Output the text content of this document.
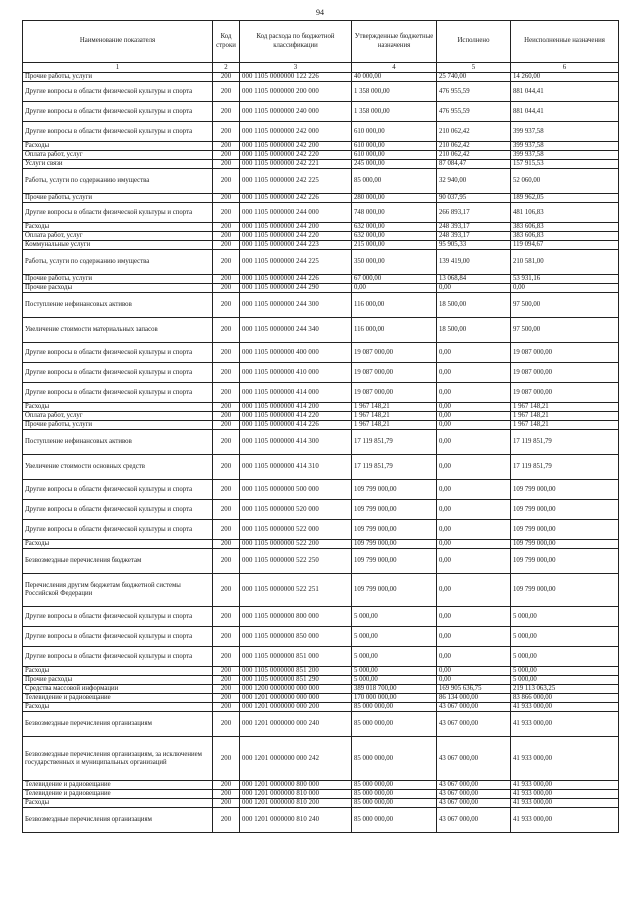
94
Наименование показателя	Код строки	Код расхода по бюджетной классификации	Утвержденные бюджетные назначения	Исполнено	Неисполненные назначения
1	2	3	4	5	6
Прочие работы, услуги	200	000 1105 0000000 122 226	40 000,00	25 740,00	14 260,00
Другие вопросы в области физической культуры и спорта	200	000 1105 0000000 200 000	1 358 000,00	476 955,59	881 044,41
Другие вопросы в области физической культуры и спорта	200	000 1105 0000000 240 000	1 358 000,00	476 955,59	881 044,41
Другие вопросы в области физической культуры и спорта	200	000 1105 0000000 242 000	610 000,00	210 062,42	399 937,58
Расходы	200	000 1105 0000000 242 200	610 000,00	210 062,42	399 937,58
Оплата работ, услуг	200	000 1105 0000000 242 220	610 000,00	210 062,42	399 937,58
Услуги связи	200	000 1105 0000000 242 221	245 000,00	87 084,47	157 915,53
Работы, услуги по содержанию имущества	200	000 1105 0000000 242 225	85 000,00	32 940,00	52 060,00
Прочие работы, услуги	200	000 1105 0000000 242 226	280 000,00	90 037,95	189 962,05
Другие вопросы в области физической культуры и спорта	200	000 1105 0000000 244 000	748 000,00	266 893,17	481 106,83
Расходы	200	000 1105 0000000 244 200	632 000,00	248 393,17	383 606,83
Оплата работ, услуг	200	000 1105 0000000 244 220	632 000,00	248 393,17	383 606,83
Коммунальные услуги	200	000 1105 0000000 244 223	215 000,00	95 905,33	119 094,67
Работы, услуги по содержанию имущества	200	000 1105 0000000 244 225	350 000,00	139 419,00	210 581,00
Прочие работы, услуги	200	000 1105 0000000 244 226	67 000,00	13 068,84	53 931,16
Прочие расходы	200	000 1105 0000000 244 290	0,00	0,00	0,00
Поступление нефинансовых активов	200	000 1105 0000000 244 300	116 000,00	18 500,00	97 500,00
Увеличение стоимости материальных запасов	200	000 1105 0000000 244 340	116 000,00	18 500,00	97 500,00
Другие вопросы в области физической культуры и спорта	200	000 1105 0000000 400 000	19 087 000,00	0,00	19 087 000,00
Другие вопросы в области физической культуры и спорта	200	000 1105 0000000 410 000	19 087 000,00	0,00	19 087 000,00
Другие вопросы в области физической культуры и спорта	200	000 1105 0000000 414 000	19 087 000,00	0,00	19 087 000,00
Расходы	200	000 1105 0000000 414 200	1 967 148,21	0,00	1 967 148,21
Оплата работ, услуг	200	000 1105 0000000 414 220	1 967 148,21	0,00	1 967 148,21
Прочие работы, услуги	200	000 1105 0000000 414 226	1 967 148,21	0,00	1 967 148,21
Поступление нефинансовых активов	200	000 1105 0000000 414 300	17 119 851,79	0,00	17 119 851,79
Увеличение стоимости основных средств	200	000 1105 0000000 414 310	17 119 851,79	0,00	17 119 851,79
Другие вопросы в области физической культуры и спорта	200	000 1105 0000000 500 000	109 799 000,00	0,00	109 799 000,00
Другие вопросы в области физической культуры и спорта	200	000 1105 0000000 520 000	109 799 000,00	0,00	109 799 000,00
Другие вопросы в области физической культуры и спорта	200	000 1105 0000000 522 000	109 799 000,00	0,00	109 799 000,00
Расходы	200	000 1105 0000000 522 200	109 799 000,00	0,00	109 799 000,00
Безвозмездные перечисления бюджетам	200	000 1105 0000000 522 250	109 799 000,00	0,00	109 799 000,00
Перечисления другим бюджетам бюджетной системы Российской Федерации	200	000 1105 0000000 522 251	109 799 000,00	0,00	109 799 000,00
Другие вопросы в области физической культуры и спорта	200	000 1105 0000000 800 000	5 000,00	0,00	5 000,00
Другие вопросы в области физической культуры и спорта	200	000 1105 0000000 850 000	5 000,00	0,00	5 000,00
Другие вопросы в области физической культуры и спорта	200	000 1105 0000000 851 000	5 000,00	0,00	5 000,00
Расходы	200	000 1105 0000000 851 200	5 000,00	0,00	5 000,00
Прочие расходы	200	000 1105 0000000 851 290	5 000,00	0,00	5 000,00
Средства массовой информации	200	000 1200 0000000 000 000	389 018 700,00	169 905 636,75	219 113 063,25
Телевидение и радиовещание	200	000 1201 0000000 000 000	170 000 000,00	86 134 000,00	83 866 000,00
Расходы	200	000 1201 0000000 000 200	85 000 000,00	43 067 000,00	41 933 000,00
Безвозмездные перечисления организациям	200	000 1201 0000000 000 240	85 000 000,00	43 067 000,00	41 933 000,00
Безвозмездные перечисления организациям, за исключением государственных и муниципальных организаций	200	000 1201 0000000 000 242	85 000 000,00	43 067 000,00	41 933 000,00
Телевидение и радиовещание	200	000 1201 0000000 800 000	85 000 000,00	43 067 000,00	41 933 000,00
Телевидение и радиовещание	200	000 1201 0000000 810 000	85 000 000,00	43 067 000,00	41 933 000,00
Расходы	200	000 1201 0000000 810 200	85 000 000,00	43 067 000,00	41 933 000,00
Безвозмездные перечисления организациям	200	000 1201 0000000 810 240	85 000 000,00	43 067 000,00	41 933 000,00
